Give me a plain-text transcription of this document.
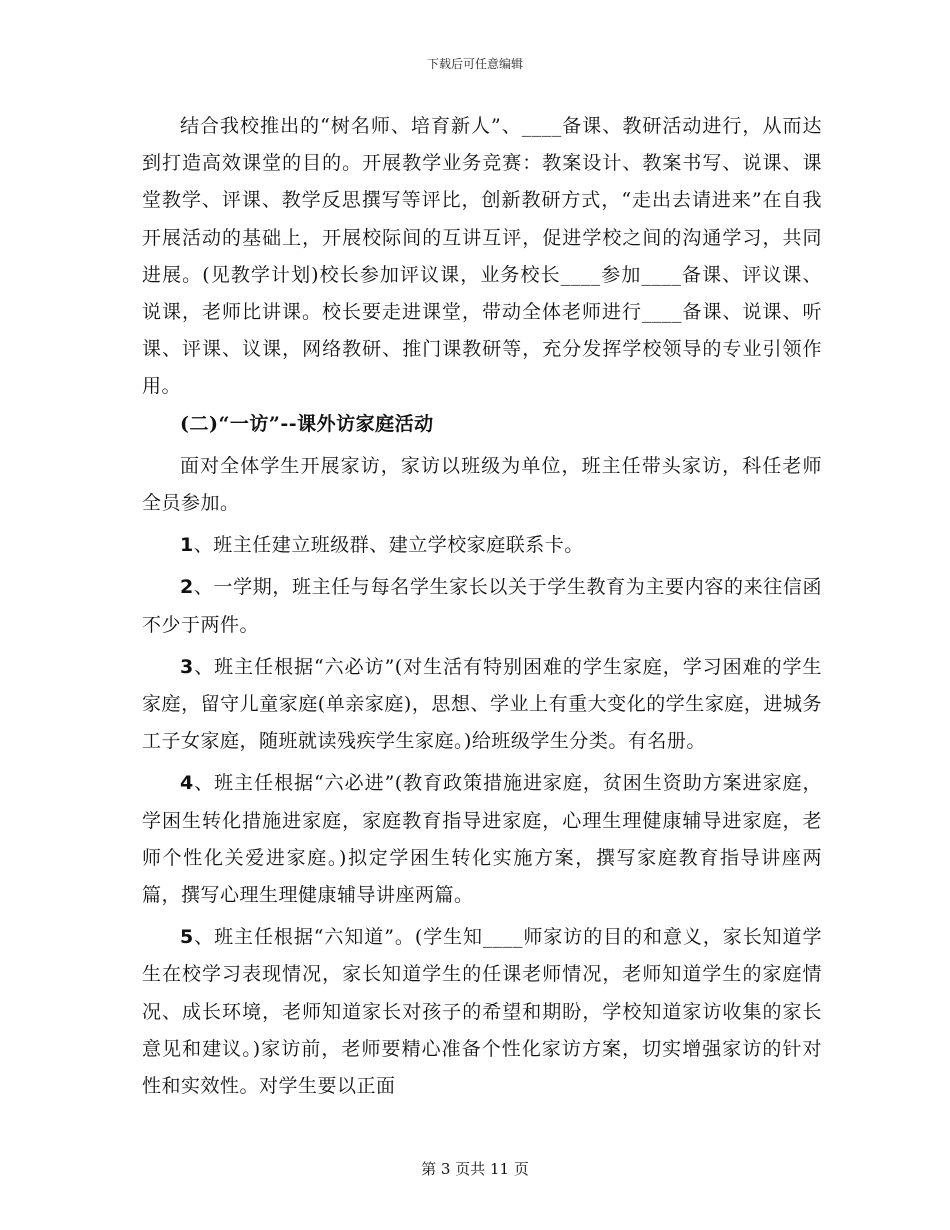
下载后可任意编辑

结合我校推出的“树名师、培育新人”、____备课、教研活动进行，从而达到打造高效课堂的目的。开展教学业务竞赛：教案设计、教案书写、说课、课堂教学、评课、教学反思撰写等评比，创新教研方式，“走出去请进来”在自我开展活动的基础上，开展校际间的互讲互评，促进学校之间的沟通学习，共同进展。(见教学计划)校长参加评议课，业务校长____参加____备课、评议课、说课，老师比讲课。校长要走进课堂，带动全体老师进行____备课、说课、听课、评课、议课，网络教研、推门课教研等，充分发挥学校领导的专业引领作用。

(二)“一访”--课外访家庭活动

面对全体学生开展家访，家访以班级为单位，班主任带头家访，科任老师全员参加。

1、班主任建立班级群、建立学校家庭联系卡。

2、一学期，班主任与每名学生家长以关于学生教育为主要内容的来往信函不少于两件。

3、班主任根据“六必访”(对生活有特别困难的学生家庭，学习困难的学生家庭，留守儿童家庭(单亲家庭)，思想、学业上有重大变化的学生家庭，进城务工子女家庭，随班就读残疾学生家庭。)给班级学生分类。有名册。

4、班主任根据“六必进”(教育政策措施进家庭，贫困生资助方案进家庭，学困生转化措施进家庭，家庭教育指导进家庭，心理生理健康辅导进家庭，老师个性化关爱进家庭。)拟定学困生转化实施方案，撰写家庭教育指导讲座两篇，撰写心理生理健康辅导讲座两篇。

5、班主任根据“六知道”。(学生知____师家访的目的和意义，家长知道学生在校学习表现情况，家长知道学生的任课老师情况，老师知道学生的家庭情况、成长环境，老师知道家长对孩子的希望和期盼，学校知道家访收集的家长意见和建议。)家访前，老师要精心准备个性化家访方案，切实增强家访的针对性和实效性。对学生要以正面

第 3 页共 11 页
